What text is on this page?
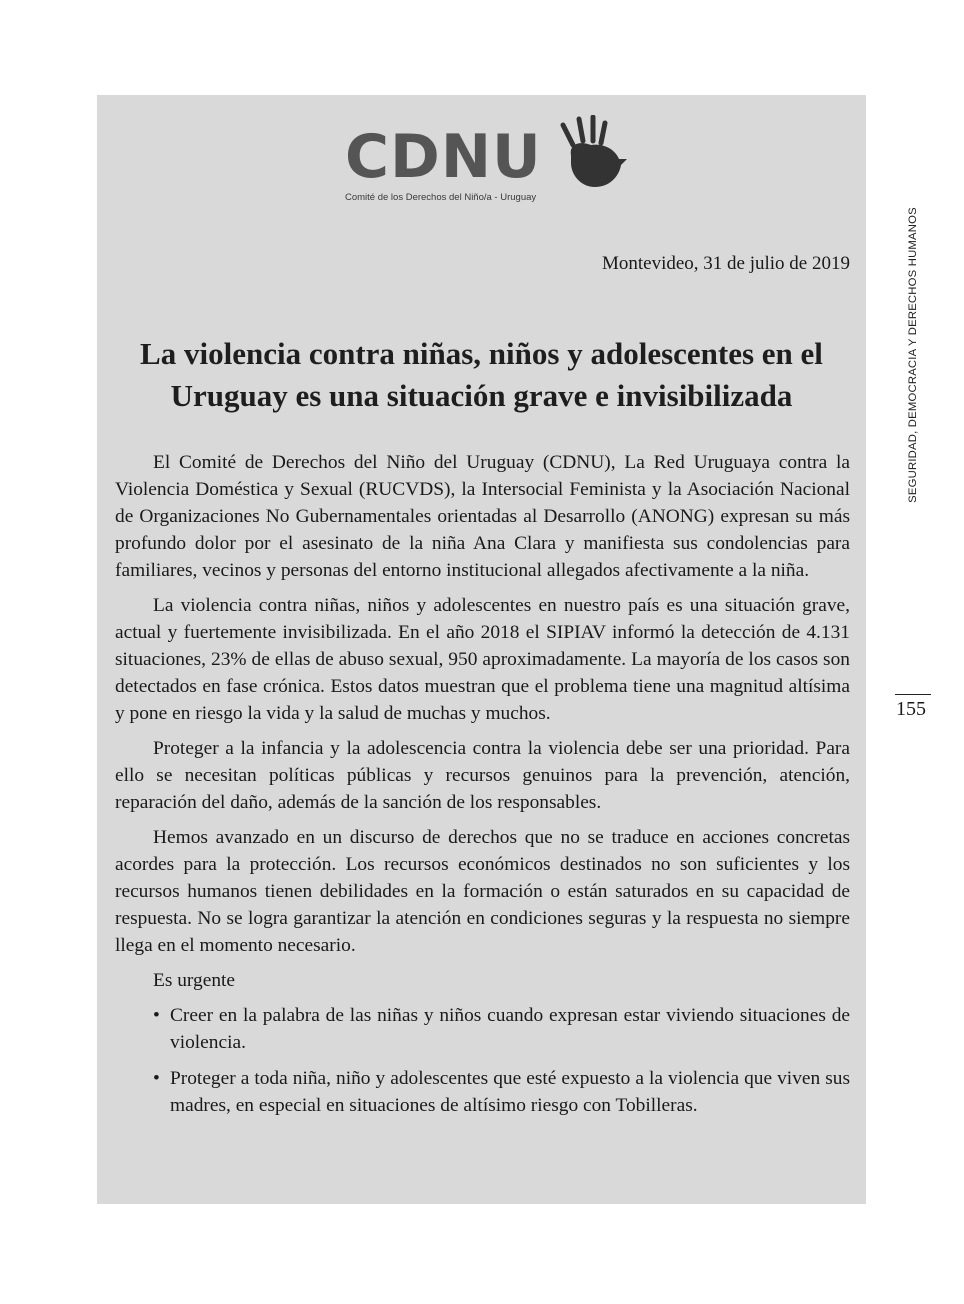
CDNU
Comité de los Derechos del Niño/a - Uruguay
Montevideo, 31 de julio de 2019
La violencia contra niñas, niños y adolescentes en el
Uruguay es una situación grave e invisibilizada

El Comité de Derechos del Niño del Uruguay (CDNU), La Red Uruguaya contra la Violencia Doméstica y Sexual (RUCVDS), la Intersocial Feminista y la Asociación Nacional de Organizaciones No Gubernamentales orientadas al Desarrollo (ANONG) expresan su más profundo dolor por el asesinato de la niña Ana Clara y manifiesta sus condolencias para familiares, vecinos y personas del entorno institucional allegados afectivamente a la niña.

La violencia contra niñas, niños y adolescentes en nuestro país es una situación grave, actual y fuertemente invisibilizada. En el año 2018 el SIPIAV informó la detección de 4.131 situaciones, 23% de ellas de abuso sexual, 950 aproximadamente. La mayoría de los casos son detectados en fase crónica. Estos datos muestran que el problema tiene una magnitud altísima y pone en riesgo la vida y la salud de muchas y muchos.

Proteger a la infancia y la adolescencia contra la violencia debe ser una prioridad. Para ello se necesitan políticas públicas y recursos genuinos para la prevención, atención, reparación del daño, además de la sanción de los responsables.

Hemos avanzado en un discurso de derechos que no se traduce en acciones concretas acordes para la protección. Los recursos económicos destinados no son suficientes y los recursos humanos tienen debilidades en la formación o están saturados en su capacidad de respuesta. No se logra garantizar la atención en condiciones seguras y la respuesta no siempre llega en el momento necesario.

Es urgente

• Creer en la palabra de las niñas y niños cuando expresan estar viviendo situaciones de violencia.
• Proteger a toda niña, niño y adolescentes que esté expuesto a la violencia que viven sus madres, en especial en situaciones de altísimo riesgo con Tobilleras.
SEGURIDAD, DEMOCRACIA Y DERECHOS HUMANOS
155
